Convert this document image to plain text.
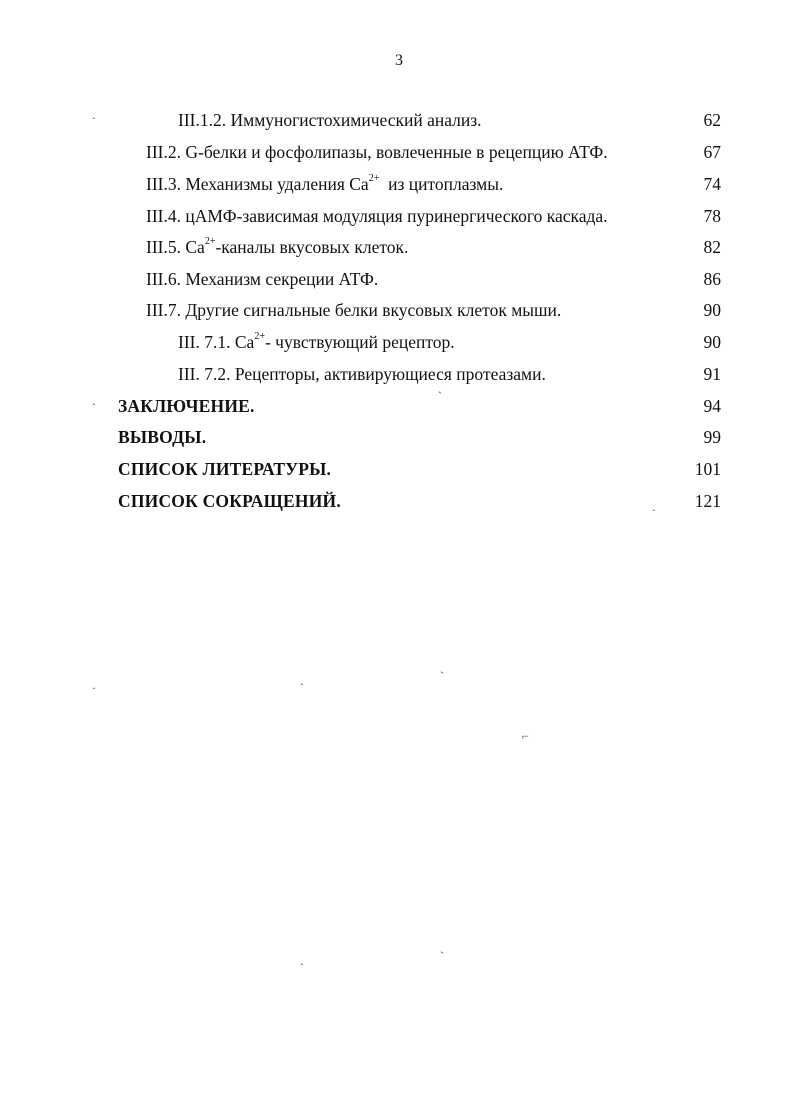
3
III.1.2. Иммуногистохимический анализ.	62
III.2. G-белки и фосфолипазы, вовлеченные в рецепцию АТФ.	67
III.3. Механизмы удаления $Ca^{2+}$  из цитоплазмы.	74
III.4. цАМФ-зависимая модуляция пуринергического каскада.	78
III.5. $Ca^{2+}$-каналы вкусовых клеток.	82
III.6. Механизм секреции АТФ.	86
III.7. Другие сигнальные белки вкусовых клеток мыши.	90
III. 7.1. $Ca^{2+}-$ чувствующий рецептор.	90
III. 7.2. Рецепторы, активирующиеся протеазами.	91
ЗАКЛЮЧЕНИЕ.	94
ВЫВОДЫ.	99
СПИСОК ЛИТЕРАТУРЫ.	101
СПИСОК СОКРАЩЕНИЙ.	121
·
·
`
·
·	·
`
⌐
·
`
